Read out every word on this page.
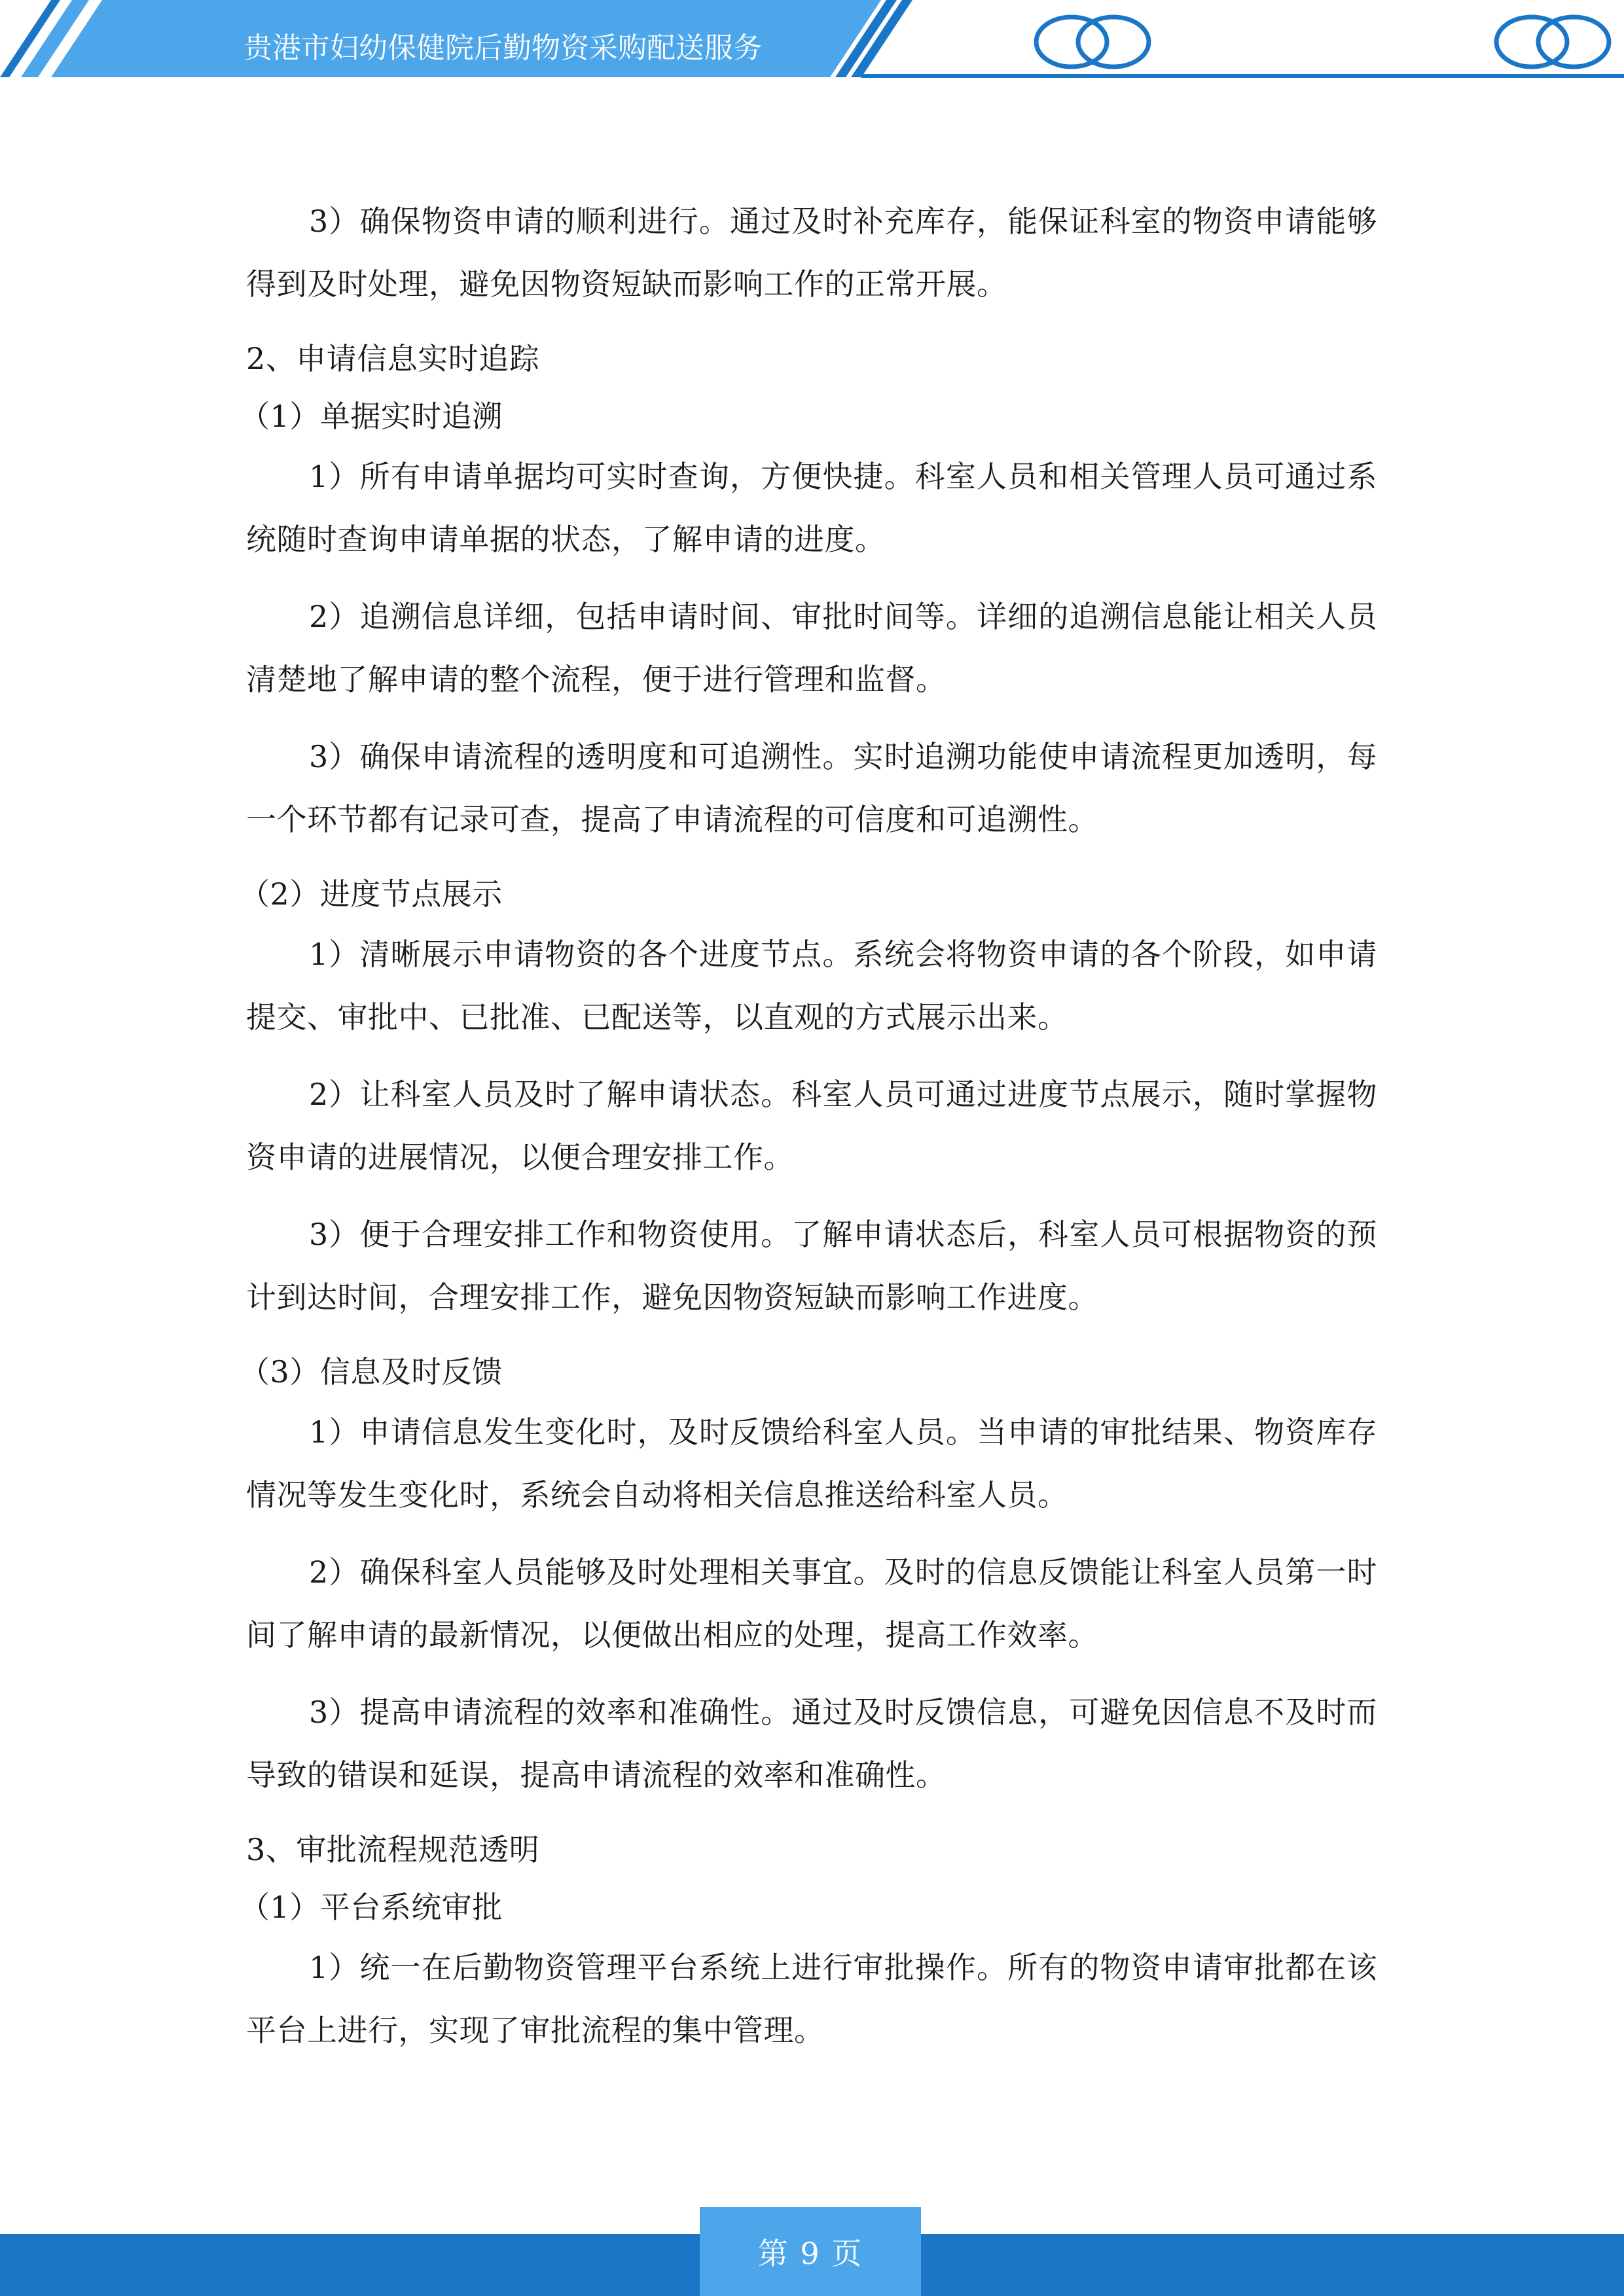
贵港市妇幼保健院后勤物资采购配送服务

3）确保物资申请的顺利进行。通过及时补充库存，能保证科室的物资申请能够得到及时处理，避免因物资短缺而影响工作的正常开展。

2、申请信息实时追踪

（1）单据实时追溯

1）所有申请单据均可实时查询，方便快捷。科室人员和相关管理人员可通过系统随时查询申请单据的状态，了解申请的进度。

2）追溯信息详细，包括申请时间、审批时间等。详细的追溯信息能让相关人员清楚地了解申请的整个流程，便于进行管理和监督。

3）确保申请流程的透明度和可追溯性。实时追溯功能使申请流程更加透明，每一个环节都有记录可查，提高了申请流程的可信度和可追溯性。

（2）进度节点展示

1）清晰展示申请物资的各个进度节点。系统会将物资申请的各个阶段，如申请提交、审批中、已批准、已配送等，以直观的方式展示出来。

2）让科室人员及时了解申请状态。科室人员可通过进度节点展示，随时掌握物资申请的进展情况，以便合理安排工作。

3）便于合理安排工作和物资使用。了解申请状态后，科室人员可根据物资的预计到达时间，合理安排工作，避免因物资短缺而影响工作进度。

（3）信息及时反馈

1）申请信息发生变化时，及时反馈给科室人员。当申请的审批结果、物资库存情况等发生变化时，系统会自动将相关信息推送给科室人员。

2）确保科室人员能够及时处理相关事宜。及时的信息反馈能让科室人员第一时间了解申请的最新情况，以便做出相应的处理，提高工作效率。

3）提高申请流程的效率和准确性。通过及时反馈信息，可避免因信息不及时而导致的错误和延误，提高申请流程的效率和准确性。

3、审批流程规范透明

（1）平台系统审批

1）统一在后勤物资管理平台系统上进行审批操作。所有的物资申请审批都在该平台上进行，实现了审批流程的集中管理。

第 9 页
